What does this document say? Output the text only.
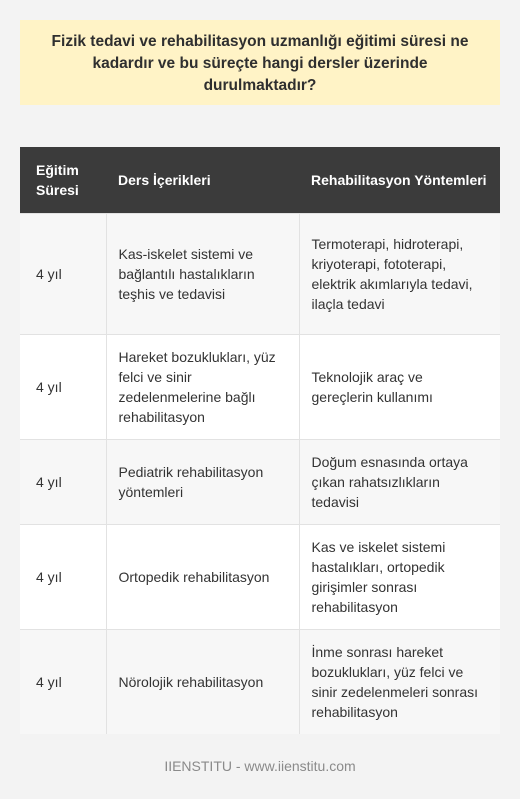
Fizik tedavi ve rehabilitasyon uzmanlığı eğitimi süresi ne kadardır ve bu süreçte hangi dersler üzerinde durulmaktadır?
Eğitim Süresi	Ders İçerikleri	Rehabilitasyon Yöntemleri
4 yıl	Kas-iskelet sistemi ve bağlantılı hastalıkların teşhis ve tedavisi	Termoterapi, hidroterapi, kriyoterapi, fototerapi, elektrik akımlarıyla tedavi, ilaçla tedavi
4 yıl	Hareket bozuklukları, yüz felci ve sinir zedelenmelerine bağlı rehabilitasyon	Teknolojik araç ve gereçlerin kullanımı
4 yıl	Pediatrik rehabilitasyon yöntemleri	Doğum esnasında ortaya çıkan rahatsızlıkların tedavisi
4 yıl	Ortopedik rehabilitasyon	Kas ve iskelet sistemi hastalıkları, ortopedik girişimler sonrası rehabilitasyon
4 yıl	Nörolojik rehabilitasyon	İnme sonrası hareket bozuklukları, yüz felci ve sinir zedelenmeleri sonrası rehabilitasyon
IIENSTITU - www.iienstitu.com
